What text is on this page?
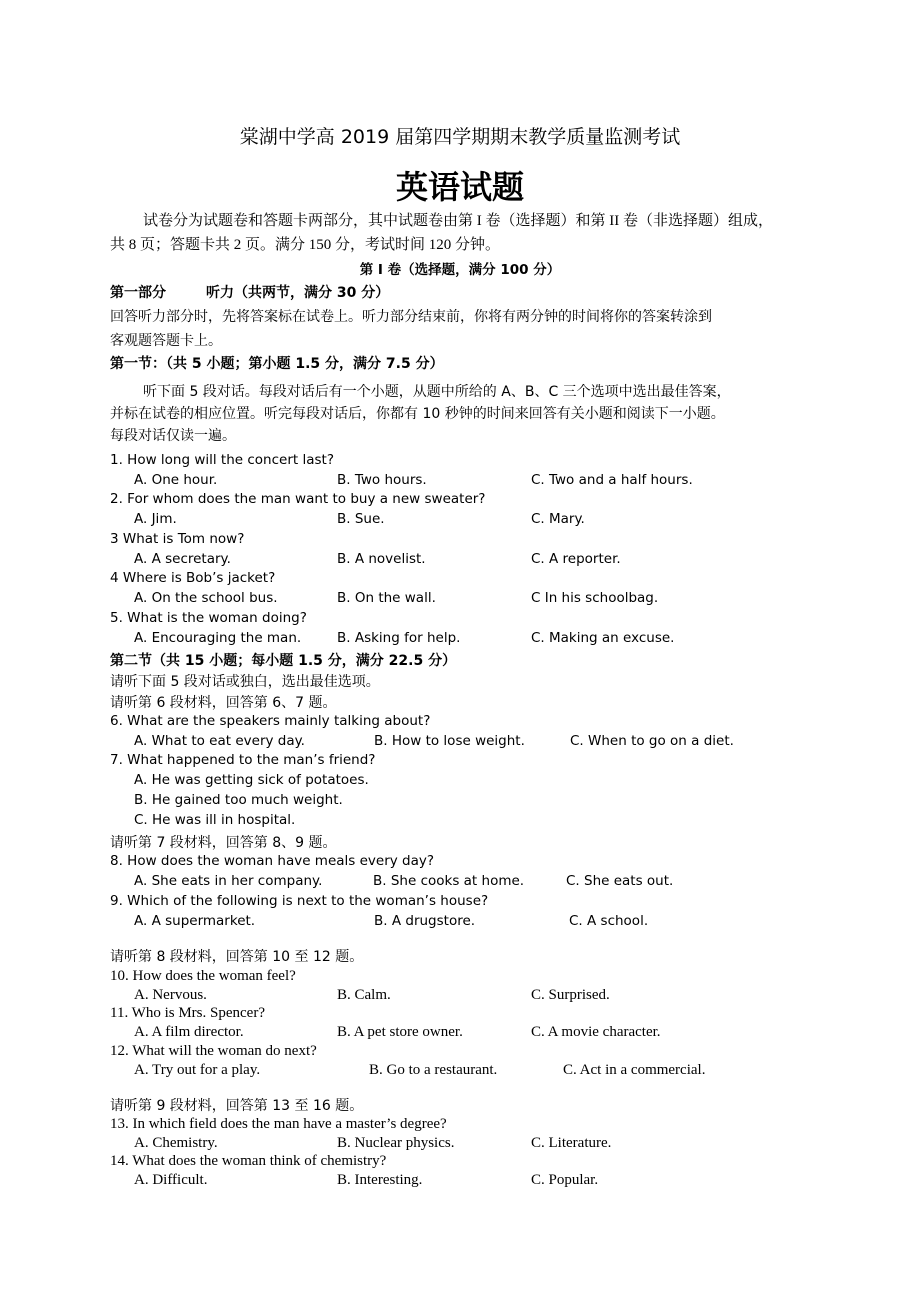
棠湖中学高 2019 届第四学期期末教学质量监测考试
英语试题
试卷分为试题卷和答题卡两部分，其中试题卷由第 I 卷（选择题）和第 II 卷（非选择题）组成，
共 8 页；答题卡共 2 页。满分 150 分，考试时间 120 分钟。
第 I 卷（选择题，满分 100 分）
第一部分	听力（共两节，满分 30 分）
回答听力部分时，先将答案标在试卷上。听力部分结束前，你将有两分钟的时间将你的答案转涂到
客观题答题卡上。
第一节：（共 5 小题；第小题 1.5 分，满分 7.5 分）
听下面 5 段对话。每段对话后有一个小题，从题中所给的 A、B、C 三个选项中选出最佳答案，
并标在试卷的相应位置。听完每段对话后，你都有 10 秒钟的时间来回答有关小题和阅读下一小题。
每段对话仅读一遍。
1. How long will the concert last?
A. One hour.	B. Two hours.	C. Two and a half hours.
2. For whom does the man want to buy a new sweater?
A. Jim.	B. Sue.	C. Mary.
3 What is Tom now?
A. A secretary.	B. A novelist.	C. A reporter.
4 Where is Bob’s jacket?
A. On the school bus.	B. On the wall.	C In his schoolbag.
5. What is the woman doing?
A. Encouraging the man.	B. Asking for help.	C. Making an excuse.
第二节（共 15 小题；每小题 1.5 分，满分 22.5 分）
请听下面 5 段对话或独白，选出最佳选项。
请听第 6 段材料，回答第 6、7 题。
6. What are the speakers mainly talking about?
A. What to eat every day.	B. How to lose weight.	C. When to go on a diet.
7. What happened to the man’s friend?
A. He was getting sick of potatoes.
B. He gained too much weight.
C. He was ill in hospital.
请听第 7 段材料，回答第 8、9 题。
8. How does the woman have meals every day?
A. She eats in her company.	B. She cooks at home.	C. She eats out.
9. Which of the following is next to the woman’s house?
A. A supermarket.	B. A drugstore.	C. A school.
请听第 8 段材料，回答第 10 至 12 题。
10. How does the woman feel?
A. Nervous.	B. Calm.	C. Surprised.
11. Who is Mrs. Spencer?
A. A film director.	B. A pet store owner.	C. A movie character.
12. What will the woman do next?
A. Try out for a play.	B. Go to a restaurant.	C. Act in a commercial.
请听第 9 段材料，回答第 13 至 16 题。
13. In which field does the man have a master’s degree?
A. Chemistry.	B. Nuclear physics.	C. Literature.
14. What does the woman think of chemistry?
A. Difficult.	B. Interesting.	C. Popular.
